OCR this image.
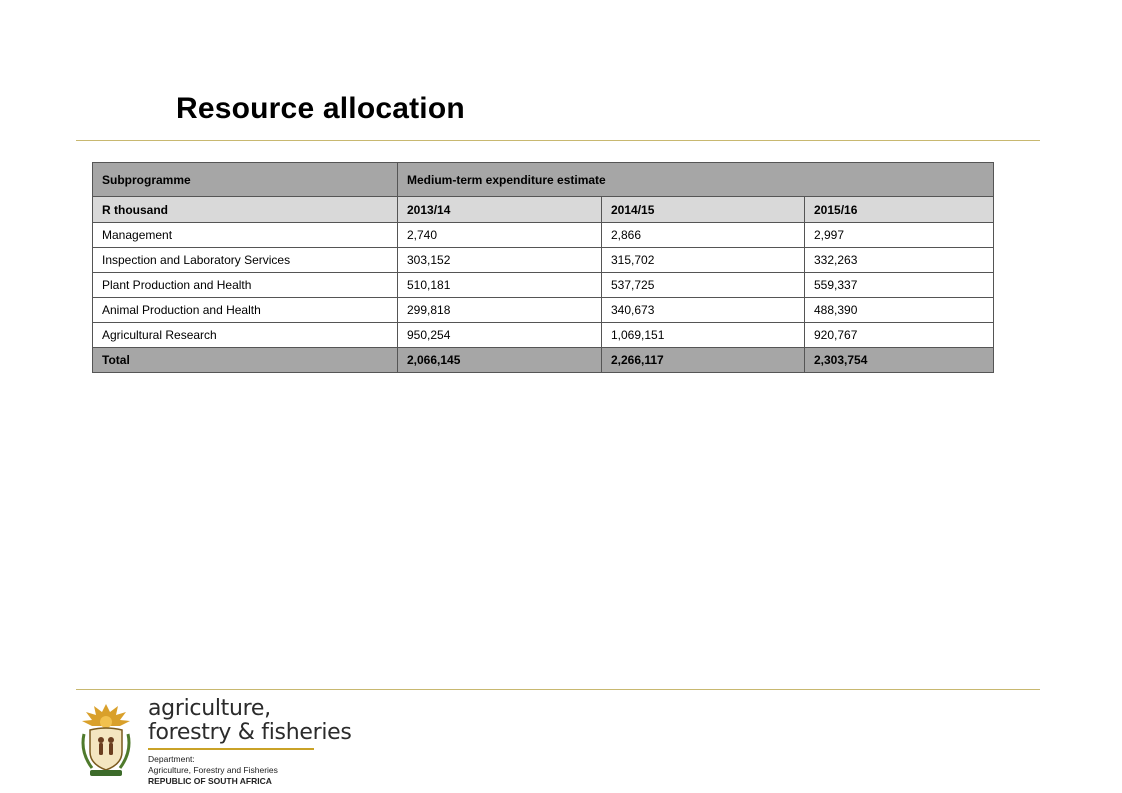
Resource allocation
Subprogramme	Medium-term expenditure estimate		
R thousand	2013/14	2014/15	2015/16
Management	2,740	2,866	2,997
Inspection and Laboratory Services	303,152	315,702	332,263
Plant Production and Health	510,181	537,725	559,337
Animal Production and Health	299,818	340,673	488,390
Agricultural Research	950,254	1,069,151	920,767
Total	2,066,145	2,266,117	2,303,754
agriculture,
forestry & fisheries
Department:
Agriculture, Forestry and Fisheries
REPUBLIC OF SOUTH AFRICA
